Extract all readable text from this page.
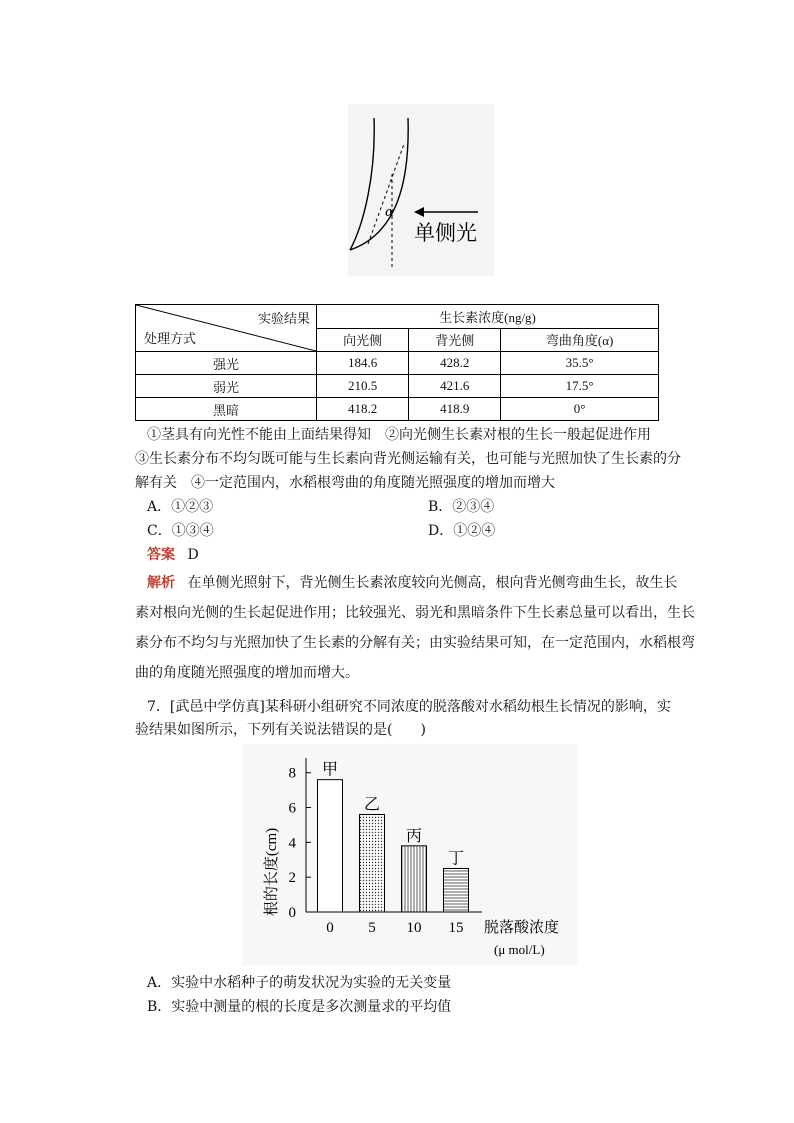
α
单侧光
实验结果
处理方式	生长素浓度(ng/g)		
	向光侧	背光侧	弯曲角度(α)
强光	184.6	428.2	35.5°
弱光	210.5	421.6	17.5°
黑暗	418.2	418.9	0°
①茎具有向光性不能由上面结果得知　②向光侧生长素对根的生长一般起促进作用
③生长素分布不均匀既可能与生长素向背光侧运输有关，也可能与光照加快了生长素的分
解有关　④一定范围内，水稻根弯曲的角度随光照强度的增加而增大
A．①②③	B．②③④
C．①③④	D．①②④
答案 D
解析 在单侧光照射下，背光侧生长素浓度较向光侧高，根向背光侧弯曲生长，故生长
素对根向光侧的生长起促进作用；比较强光、弱光和黑暗条件下生长素总量可以看出，生长
素分布不均匀与光照加快了生长素的分解有关；由实验结果可知，在一定范围内，水稻根弯
曲的角度随光照强度的增加而增大。
7．[武邑中学仿真]某科研小组研究不同浓度的脱落酸对水稻幼根生长情况的影响，实
验结果如图所示，下列有关说法错误的是(　　)
根的长度(cm) 0
2
4
6
8 甲
0
乙
5
丙
10
丁
15 脱落酸浓度
(μ mol/L)
A．实验中水稻种子的萌发状况为实验的无关变量
B．实验中测量的根的长度是多次测量求的平均值
